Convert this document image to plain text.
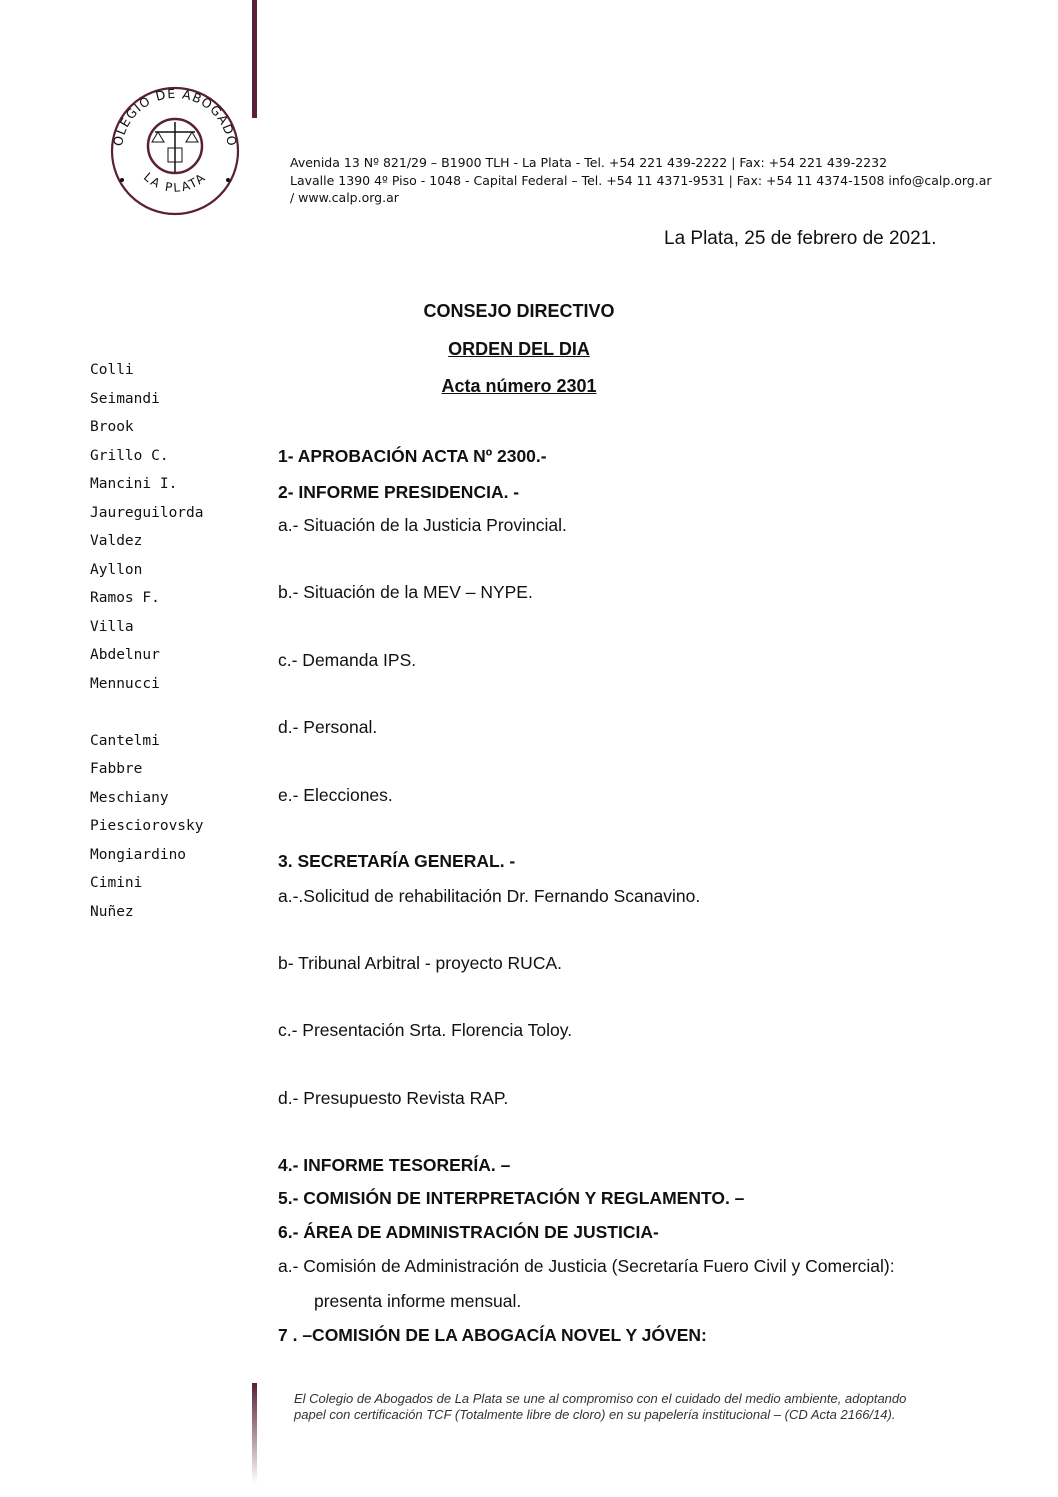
OLEGIO DE ABOGADO
LA PLATA
Avenida 13 Nº 821/29 – B1900 TLH - La Plata - Tel. +54 221 439-2222 | Fax: +54 221 439-2232
Lavalle 1390 4º Piso - 1048 - Capital Federal – Tel. +54 11 4371-9531 | Fax: +54 11 4374-1508 info@calp.org.ar
/ www.calp.org.ar
La Plata, 25 de febrero de 2021.
CONSEJO DIRECTIVO
ORDEN DEL DIA
Acta número 2301
Colli
Seimandi
Brook
Grillo C.
Mancini I.
Jaureguilorda
Valdez
Ayllon
Ramos F.
Villa
Abdelnur
Mennucci
Cantelmi
Fabbre
Meschiany
Piesciorovsky
Mongiardino
Cimini
Nuñez
1- APROBACIÓN ACTA Nº 2300.-
2- INFORME PRESIDENCIA. -
a.- Situación de la Justicia Provincial.
b.- Situación de la MEV – NYPE.
c.- Demanda IPS.
d.- Personal.
e.- Elecciones.
3. SECRETARÍA GENERAL. -
a.-.Solicitud de rehabilitación Dr. Fernando Scanavino.
b- Tribunal Arbitral - proyecto RUCA.
c.- Presentación Srta. Florencia Toloy.
d.- Presupuesto Revista RAP.
4.- INFORME TESORERÍA. –
5.- COMISIÓN DE INTERPRETACIÓN Y REGLAMENTO. –
6.- ÁREA DE ADMINISTRACIÓN DE JUSTICIA-
a.- Comisión de Administración de Justicia (Secretaría Fuero Civil y Comercial):
presenta informe mensual.
7 . –COMISIÓN DE LA ABOGACÍA NOVEL Y JÓVEN:
El Colegio de Abogados de La Plata se une al compromiso con el cuidado del medio ambiente, adoptando
papel con certificación TCF (Totalmente libre de cloro) en su papelería institucional – (CD Acta 2166/14).
